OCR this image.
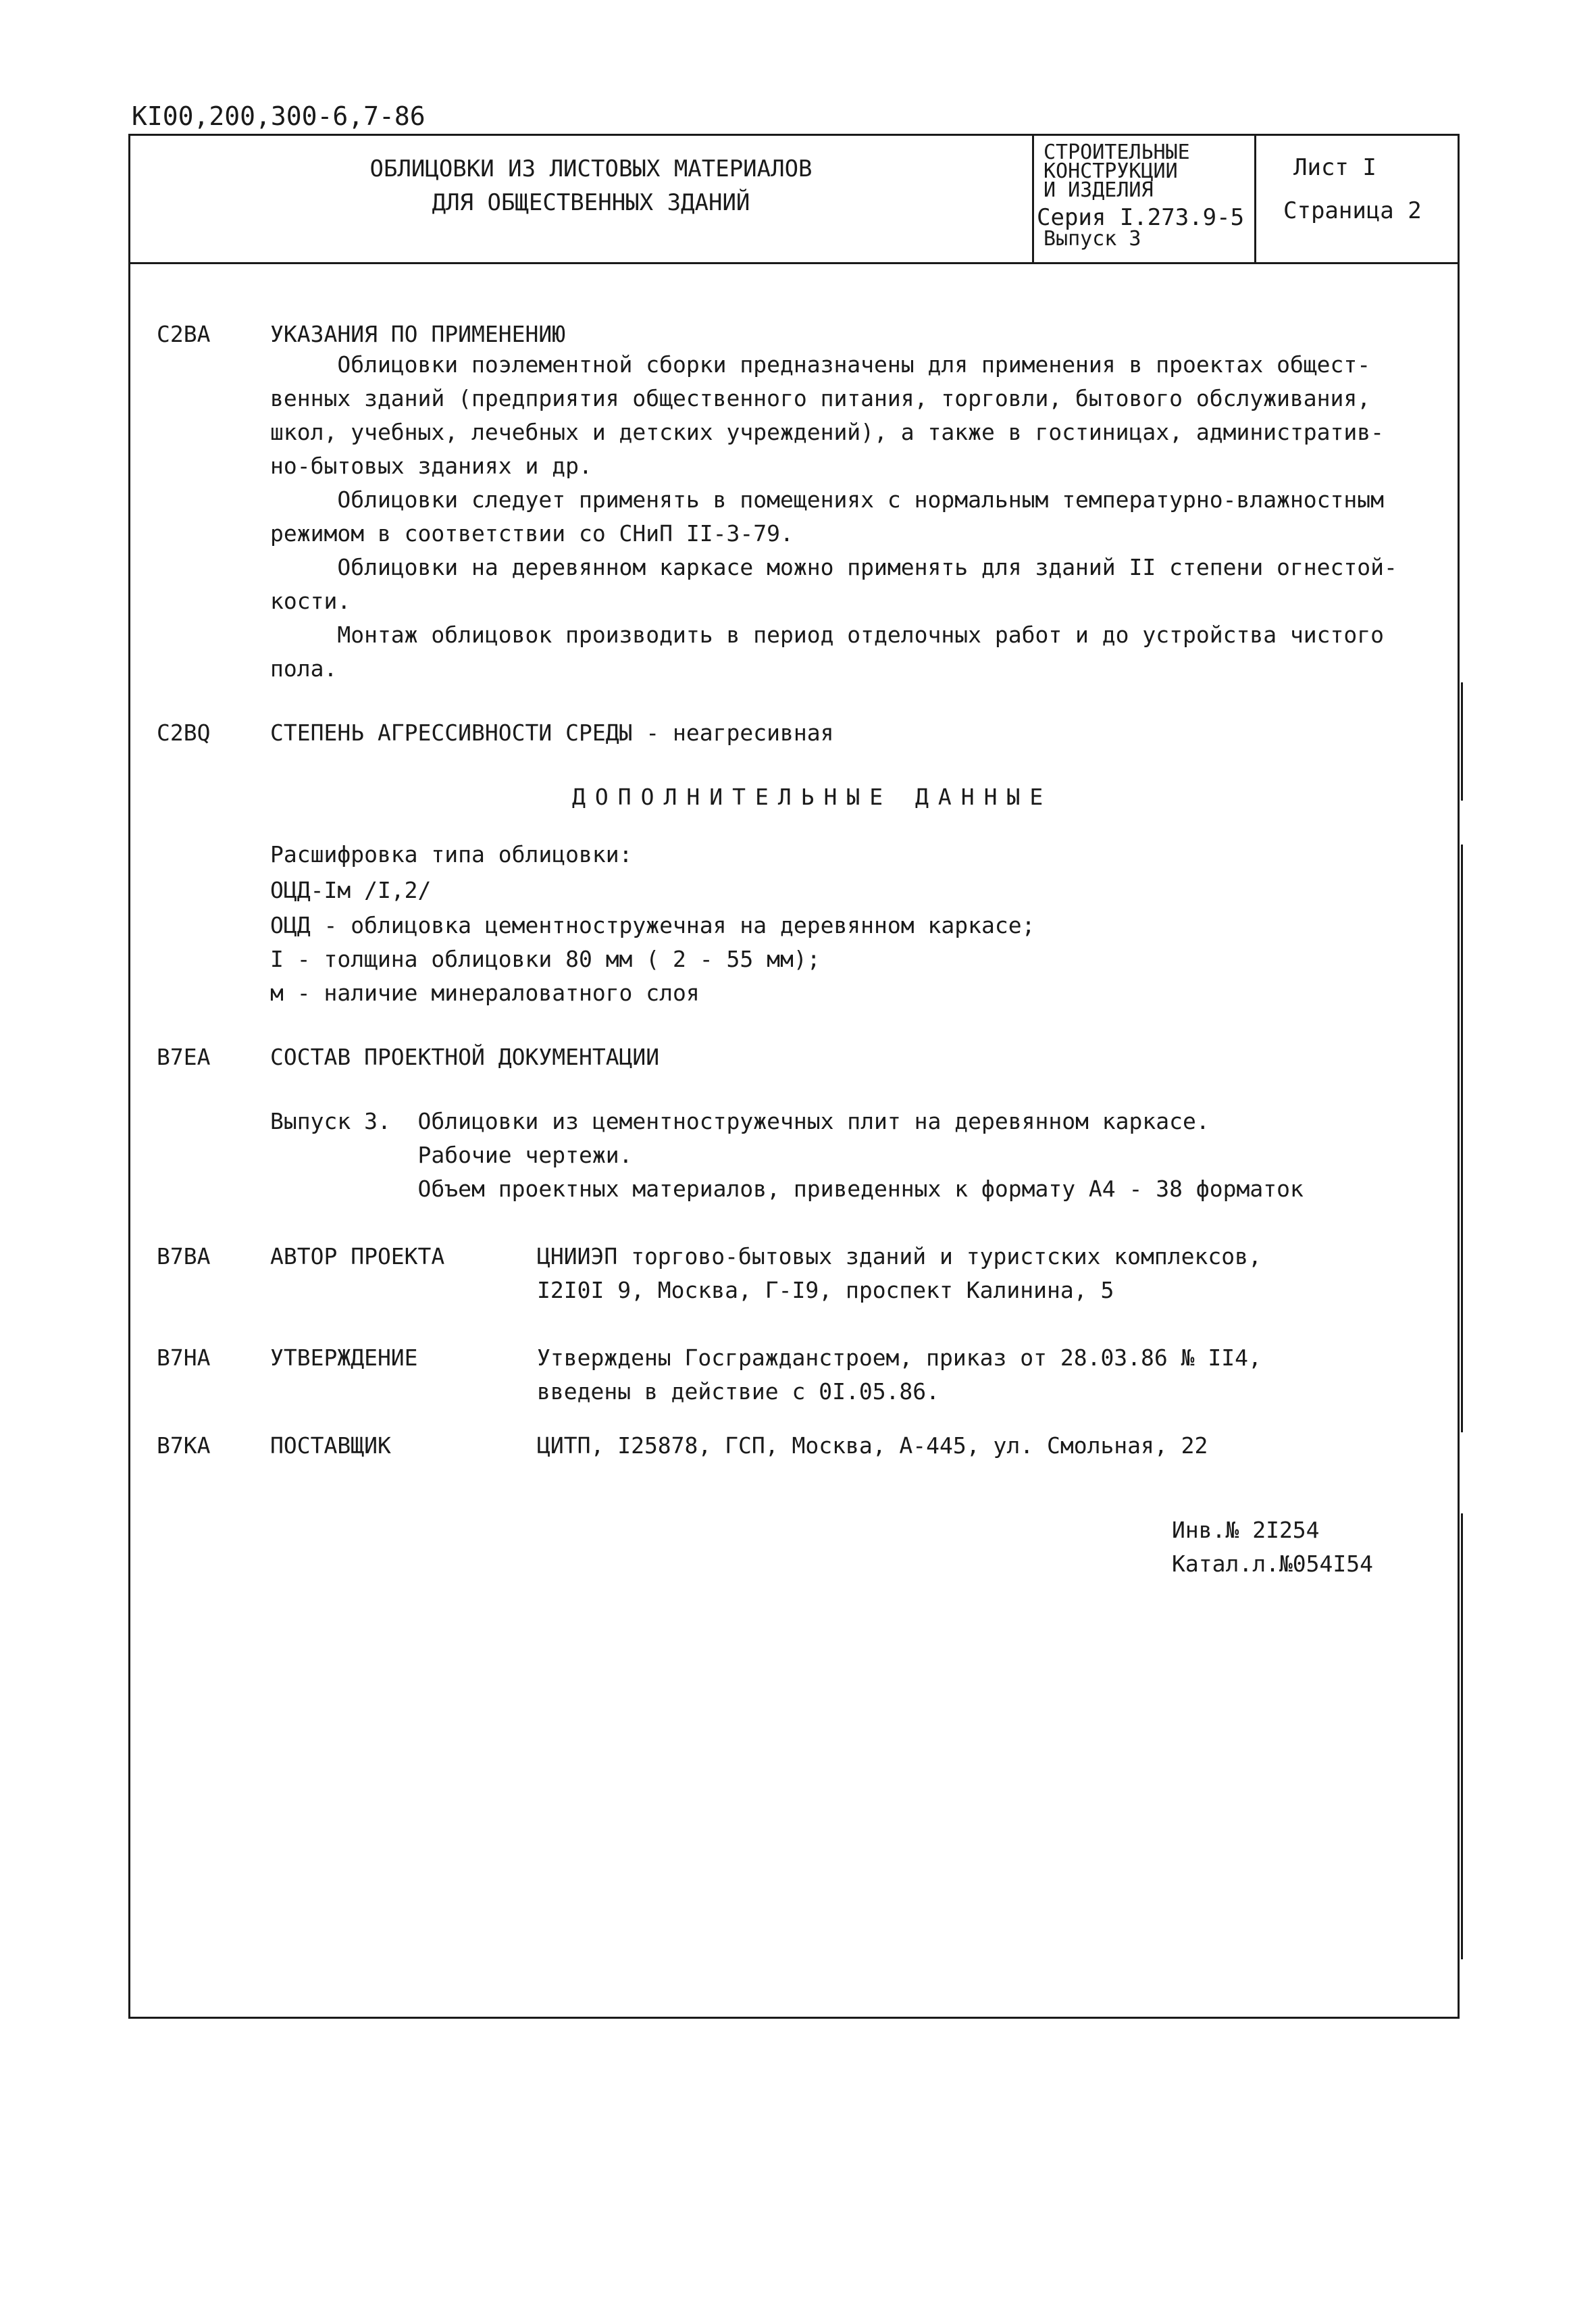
КI00,200,300-6,7-86
ОБЛИЦОВКИ ИЗ ЛИСТОВЫХ МАТЕРИАЛОВ
ДЛЯ ОБЩЕСТВЕННЫХ ЗДАНИЙ
СТРОИТЕЛЬНЫЕ
КОНСТРУКЦИИ
И ИЗДЕЛИЯ
Серия I.273.9-5
Выпуск 3
Лист I
Страница 2
C2BA	УКАЗАНИЯ ПО ПРИМЕНЕНИЮ
Облицовки поэлементной сборки предназначены для применения в проектах общест-
венных зданий (предприятия общественного питания, торговли, бытового обслуживания,
школ, учебных, лечебных и детских учреждений), а также в гостиницах, административ-
но-бытовых зданиях и др.
Облицовки следует применять в помещениях с нормальным температурно-влажностным
режимом в соответствии со СНиП II-3-79.
Облицовки на деревянном каркасе можно применять для зданий II степени огнестой-
кости.
Монтаж облицовок производить в период отделочных работ и до устройства чистого
пола.
C2BQ	СТЕПЕНЬ АГРЕССИВНОСТИ СРЕДЫ - неагресивная
ДОПОЛНИТЕЛЬНЫЕ ДАННЫЕ
Расшифровка типа облицовки:
ОЦД-Iм /I,2/
ОЦД - облицовка цементностружечная на деревянном каркасе;
I - толщина облицовки 80 мм ( 2 - 55 мм);
м - наличие минераловатного слоя
B7EA	СОСТАВ ПРОЕКТНОЙ ДОКУМЕНТАЦИИ
Выпуск 3.  Облицовки из цементностружечных плит на деревянном каркасе.
Рабочие чертежи.
Объем проектных материалов, приведенных к формату А4 - 38 форматок
B7BA	АВТОР ПРОЕКТА	ЦНИИЭП торгово-бытовых зданий и туристских комплексов,
I2I0I 9, Москва, Г-I9, проспект Калинина, 5
B7HA	УТВЕРЖДЕНИЕ	Утверждены Госгражданстроем, приказ от 28.03.86 № II4,
введены в действие с 0I.05.86.
B7KA	ПОСТАВЩИК	ЦИТП, I25878, ГСП, Москва, А-445, ул. Смольная, 22
Инв.№ 2I254
Катал.л.№054I54
